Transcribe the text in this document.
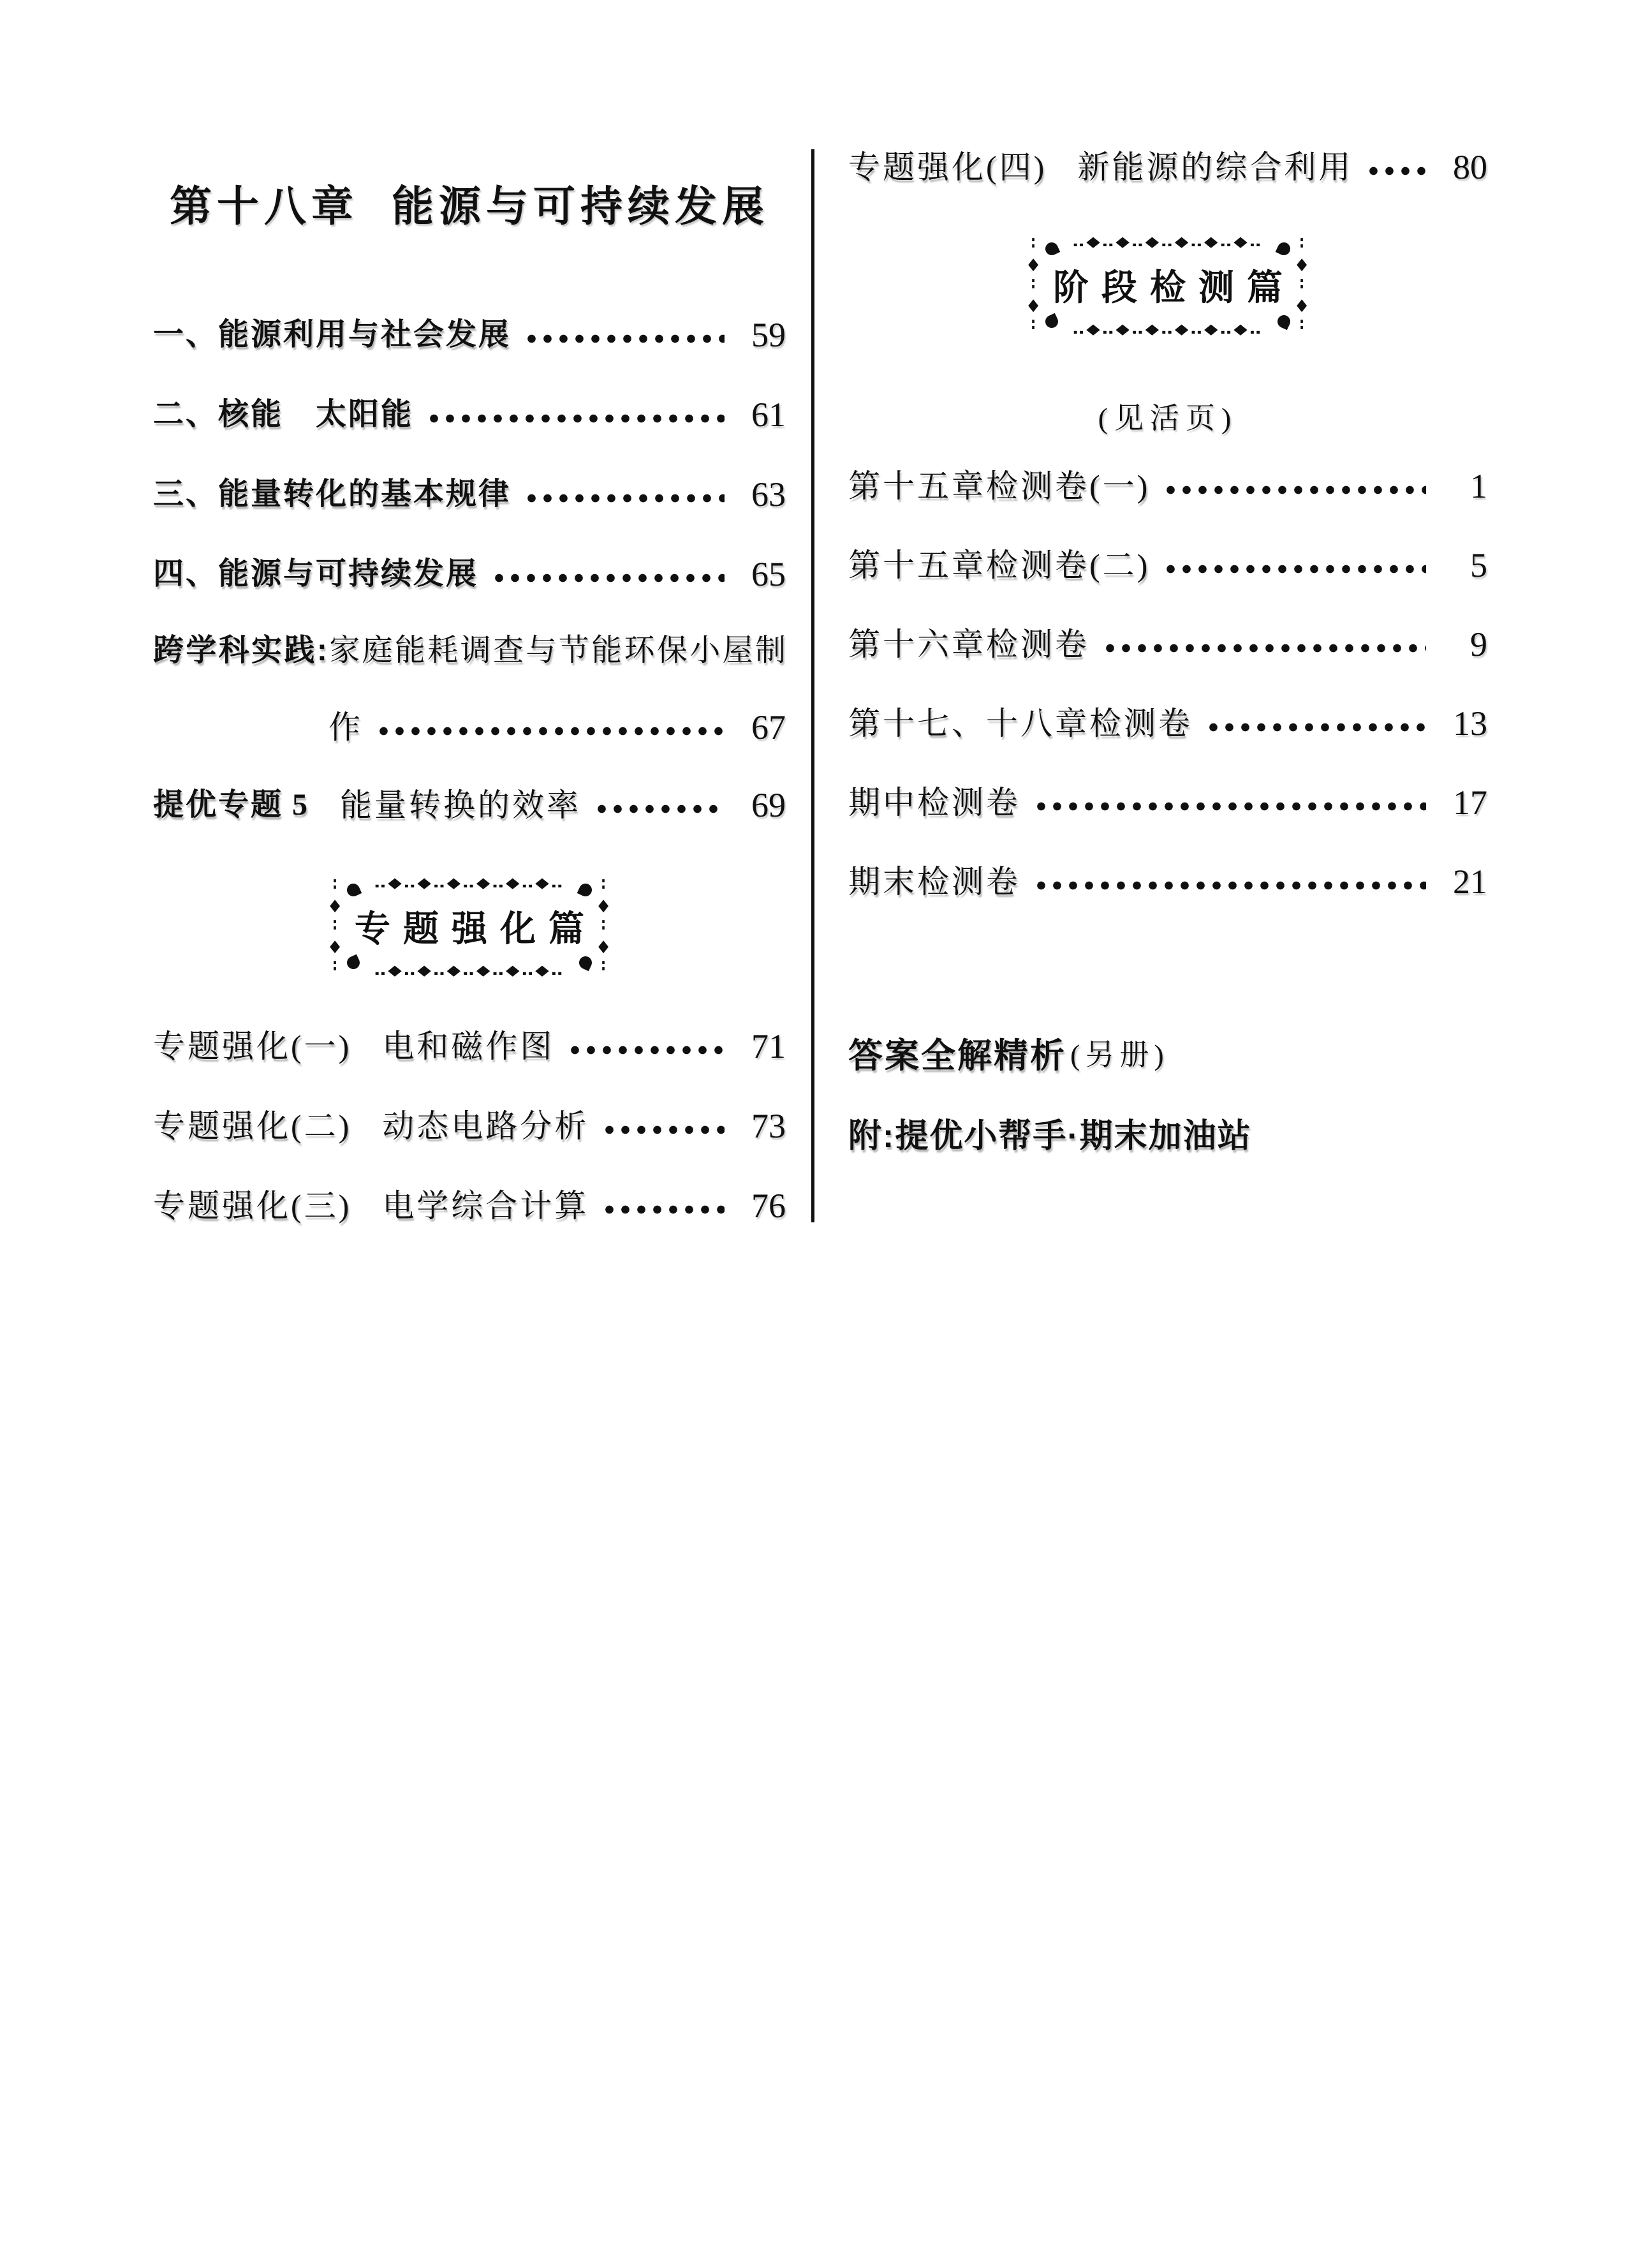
第十八章 能源与可持续发展
一、能源利用与社会发展	59
二、核能　太阳能	61
三、能量转化的基本规律	63
四、能源与可持续发展	65
跨学科实践:家庭能耗调查与节能环保小屋制
作	67
提优专题 5 能量转换的效率	69
‥◆‥◆‥◆‥◆‥◆‥◆‥
‥◆‥◆‥◆‥◆‥◆‥◆‥
∶◆∶◆∶
∶◆∶◆∶
专题强化篇
专题强化(一) 电和磁作图	71
专题强化(二) 动态电路分析	73
专题强化(三) 电学综合计算	76
专题强化(四) 新能源的综合利用	80
‥◆‥◆‥◆‥◆‥◆‥◆‥
‥◆‥◆‥◆‥◆‥◆‥◆‥
∶◆∶◆∶
∶◆∶◆∶
阶段检测篇
(见活页)
第十五章检测卷(一)	1
第十五章检测卷(二)	5
第十六章检测卷	9
第十七、十八章检测卷	13
期中检测卷	17
期末检测卷	21
答案全解精析 (另册)
附:提优小帮手·期末加油站
